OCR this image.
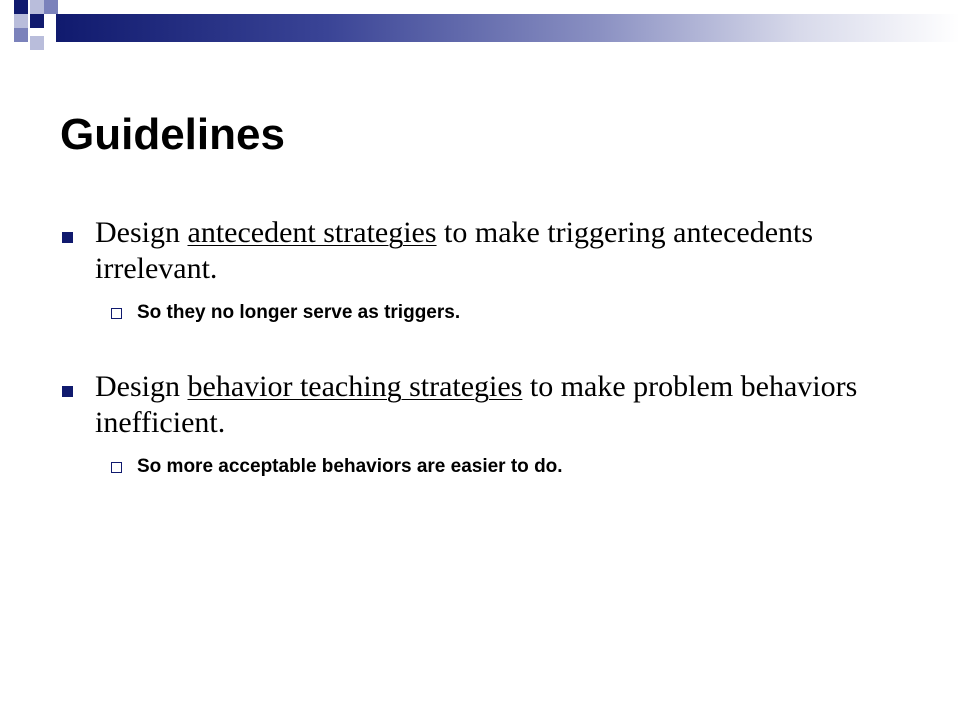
Guidelines
Design antecedent strategies to make triggering antecedents irrelevant.
So they no longer serve as triggers.
Design behavior teaching strategies to make problem behaviors inefficient.
So more acceptable behaviors are easier to do.
